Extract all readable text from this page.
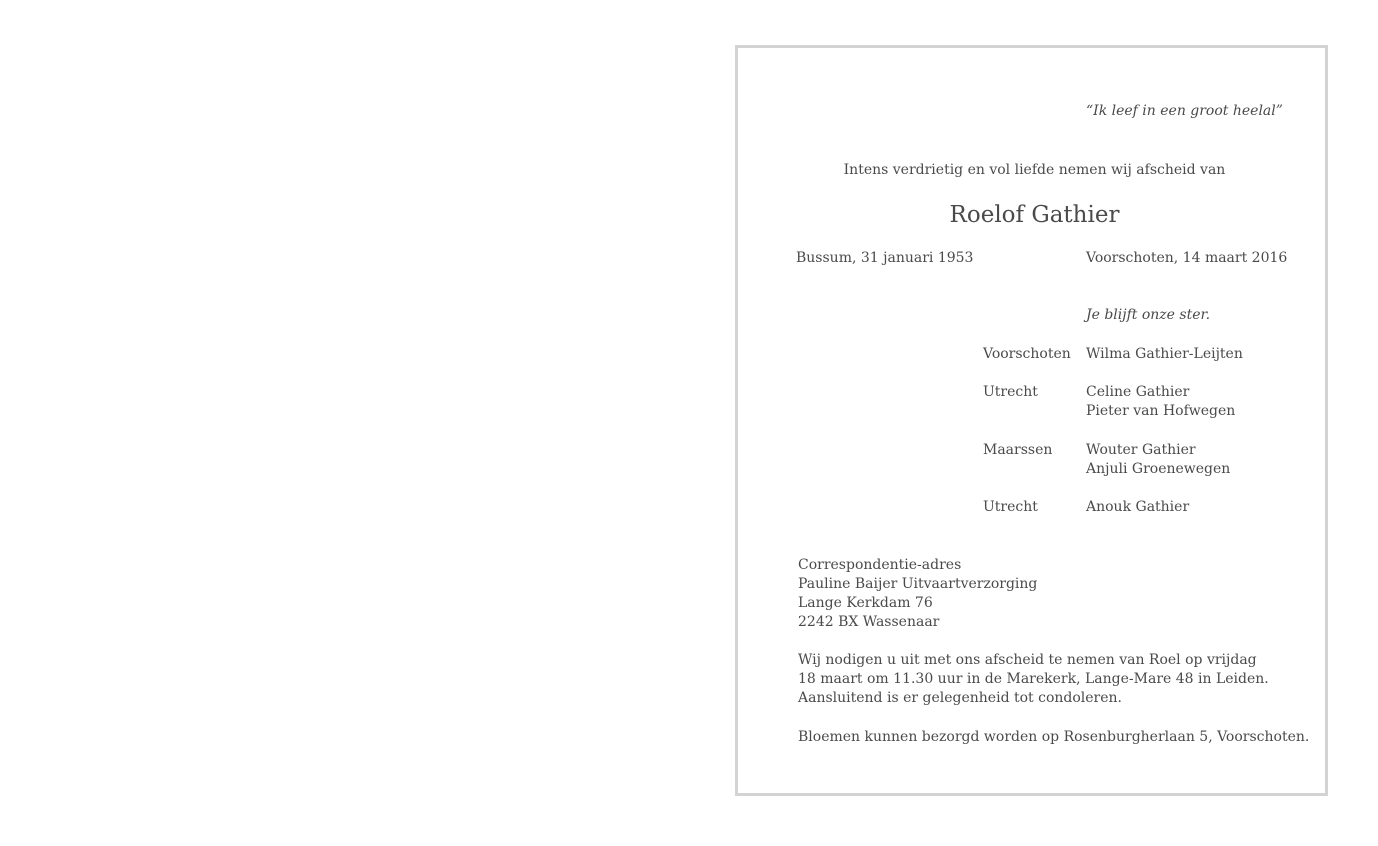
“Ik leef in een groot heelal”
Intens verdrietig en vol liefde nemen wij afscheid van
Roelof Gathier
Bussum, 31 januari 1953	Voorschoten, 14 maart 2016
Je blijft onze ster.
Voorschoten Wilma Gathier-Leijten
Utrecht	Celine Gathier
Pieter van Hofwegen
Maarssen Wouter Gathier
Anjuli Groenewegen
Utrecht	Anouk Gathier
Correspondentie-adres
Pauline Baijer Uitvaartverzorging
Lange Kerkdam 76
2242 BX Wassenaar
Wij nodigen u uit met ons afscheid te nemen van Roel op vrijdag
18 maart om 11.30 uur in de Marekerk, Lange-Mare 48 in Leiden.
Aansluitend is er gelegenheid tot condoleren.
Bloemen kunnen bezorgd worden op Rosenburgherlaan 5, Voorschoten.
